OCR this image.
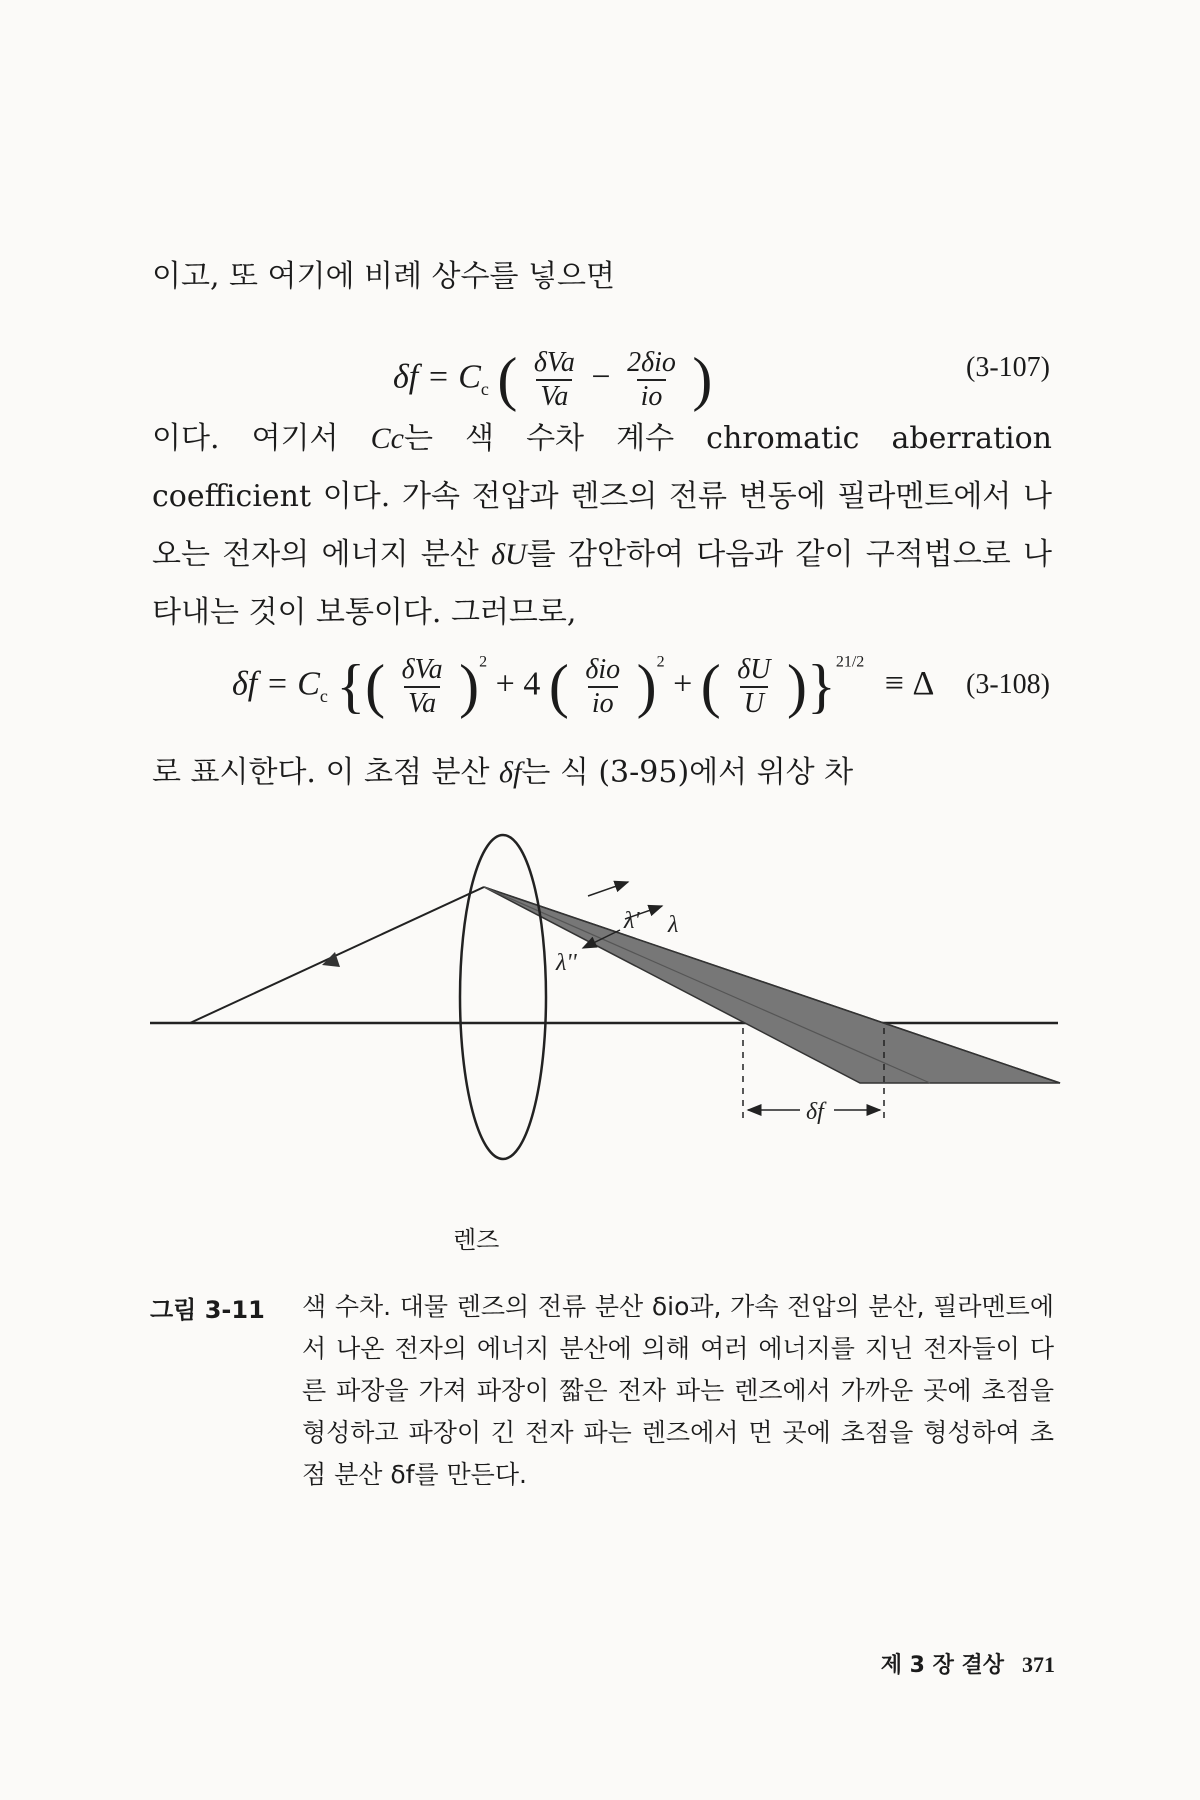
이고, 또 여기에 비례 상수를 넣으면
$\delta f = C_c$ ( $\frac{\text{δVa}}{Va} - \frac{\text{2δio}}{io}$ )	(3-107)
이다. 여기서 Cc는 색 수차 계수 chromatic aberration coefficient 이다. 가속 전압과 렌즈의 전류 변동에 필라멘트에서 나오는 전자의 에너지 분산 δU를 감안하여 다음과 같이 구적법으로 나타내는 것이 보통이다. 그러므로,
$\delta f = C_c$ {( $\frac{\text{δVa}}{Va} )^2 + 4$ ( $\frac{\text{δio}}{io} )^2$ + ( $\frac{\delta U}{U} )\}^{21/2} \equiv \Delta$ (3-108)
로 표시한다. 이 초점 분산 δf는 식 (3-95)에서 위상 차
λ' λ
λ''
δf
렌즈
그림 3-11 색 수차. 대물 렌즈의 전류 분산 δio과, 가속 전압의 분산, 필라멘트에서 나온 전자의 에너지 분산에 의해 여러 에너지를 지닌 전자들이 다른 파장을 가져 파장이 짧은 전자 파는 렌즈에서 가까운 곳에 초점을 형성하고 파장이 긴 전자 파는 렌즈에서 먼 곳에 초점을 형성하여 초점 분산 δf를 만든다.
제 3 장 결상 371
